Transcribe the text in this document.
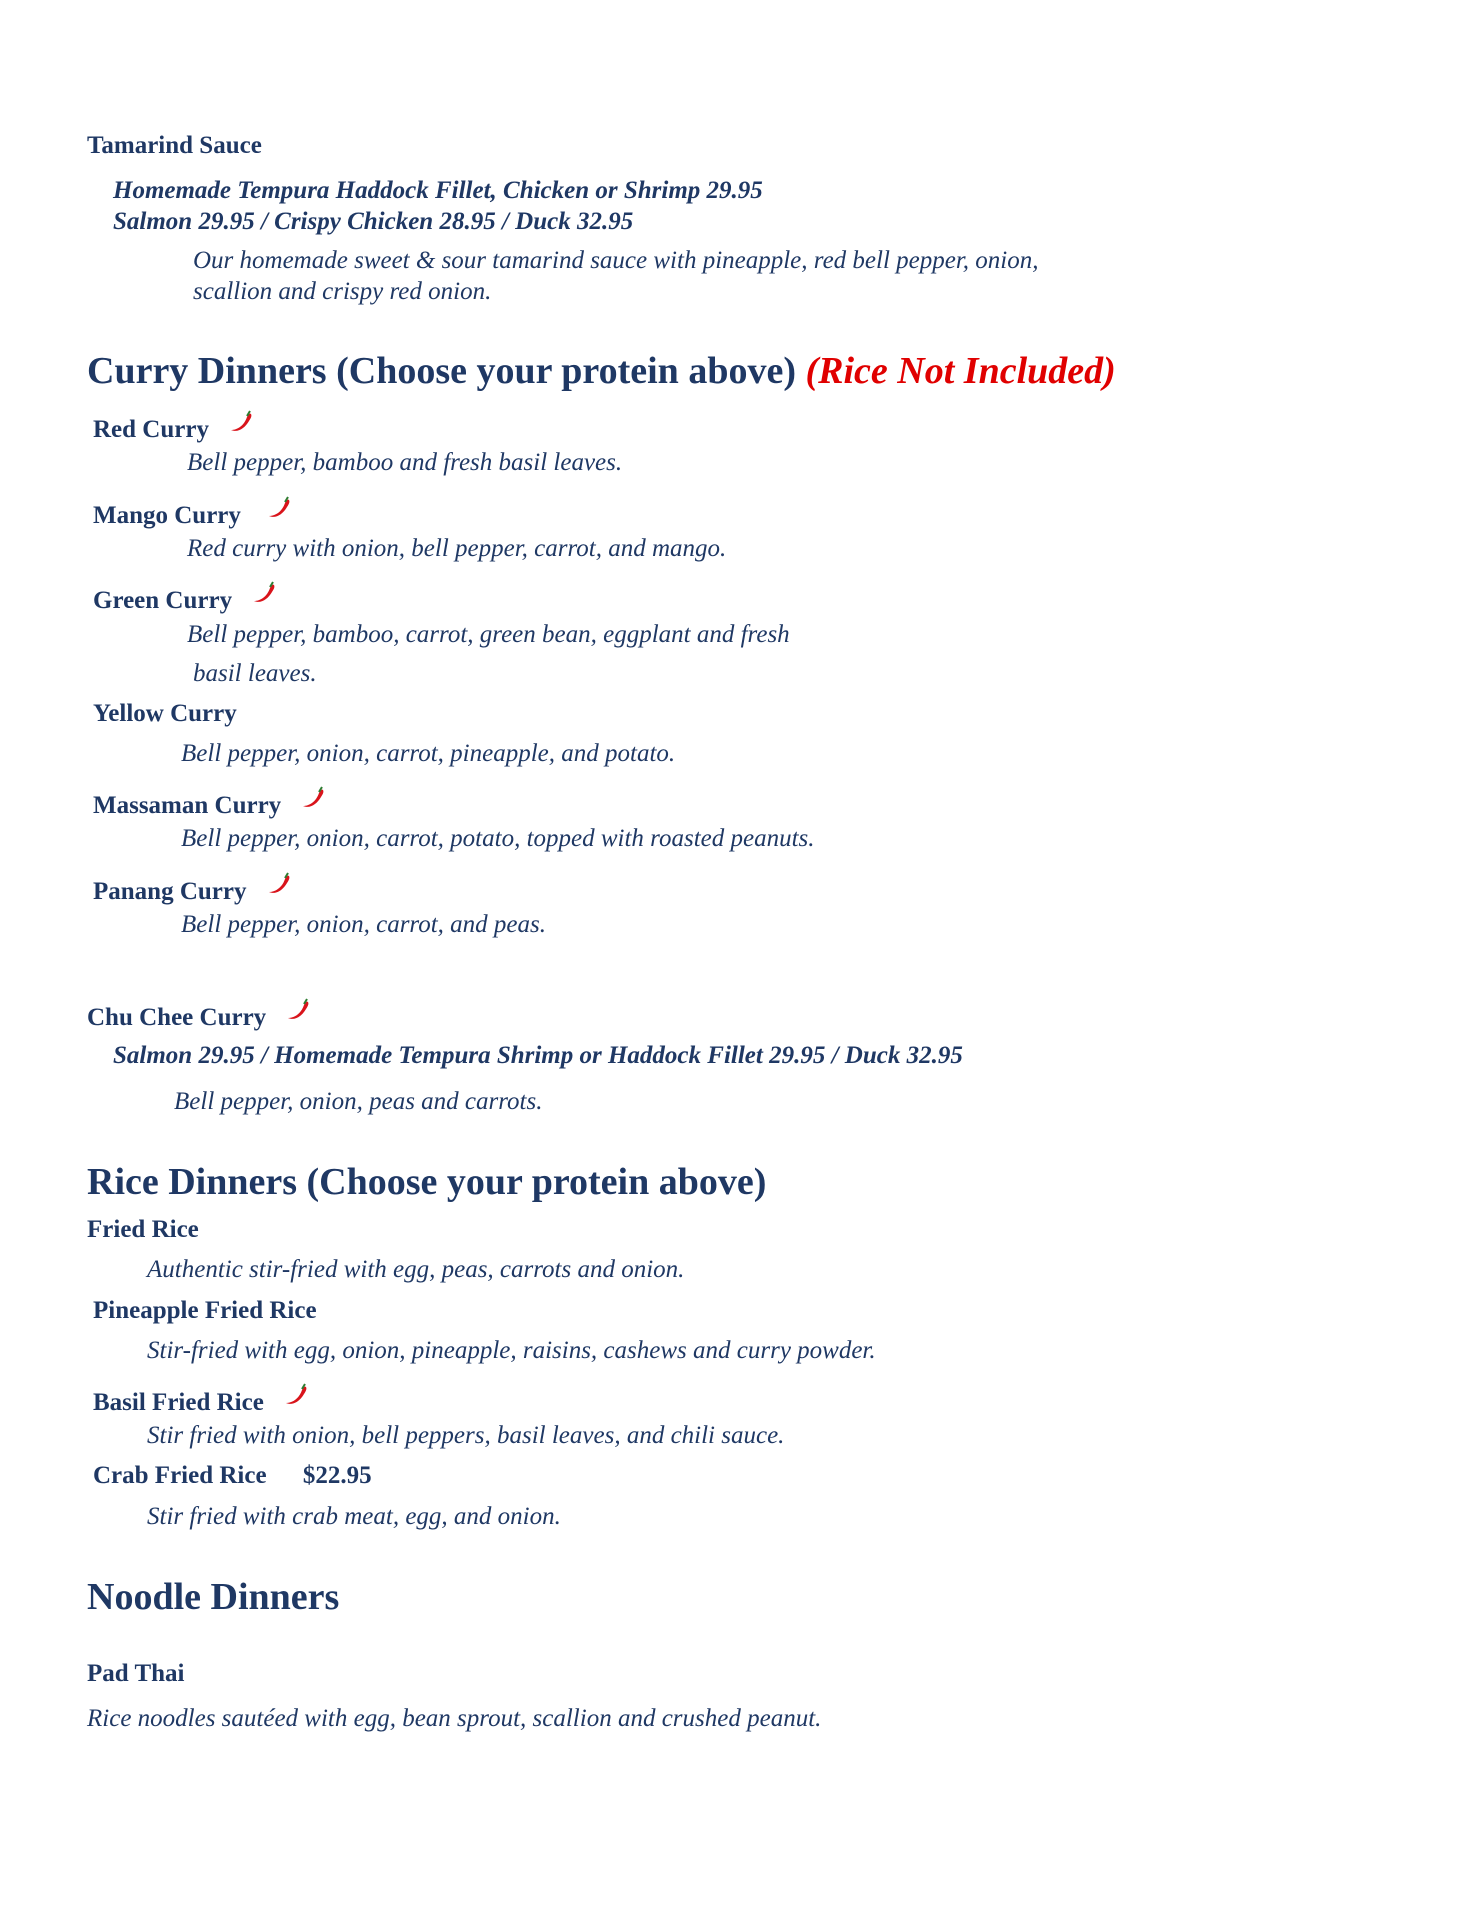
Tamarind Sauce
Homemade Tempura Haddock Fillet, Chicken or Shrimp 29.95
Salmon 29.95 / Crispy Chicken 28.95 / Duck 32.95
Our homemade sweet & sour tamarind sauce with pineapple, red bell pepper, onion,
scallion and crispy red onion.
Curry Dinners (Choose your protein above) (Rice Not Included)
Red Curry
Bell pepper, bamboo and fresh basil leaves.
Mango Curry
Red curry with onion, bell pepper, carrot, and mango.
Green Curry
Bell pepper, bamboo, carrot, green bean, eggplant and fresh
basil leaves.
Yellow Curry
Bell pepper, onion, carrot, pineapple, and potato.
Massaman Curry
Bell pepper, onion, carrot, potato, topped with roasted peanuts.
Panang Curry
Bell pepper, onion, carrot, and peas.
Chu Chee Curry
Salmon 29.95 / Homemade Tempura Shrimp or Haddock Fillet 29.95 / Duck 32.95
Bell pepper, onion, peas and carrots.
Rice Dinners (Choose your protein above)
Fried Rice
Authentic stir-fried with egg, peas, carrots and onion.
Pineapple Fried Rice
Stir-fried with egg, onion, pineapple, raisins, cashews and curry powder.
Basil Fried Rice
Stir fried with onion, bell peppers, basil leaves, and chili sauce.
Crab Fried Rice $22.95
Stir fried with crab meat, egg, and onion.
Noodle Dinners
Pad Thai
Rice noodles sautéed with egg, bean sprout, scallion and crushed peanut.
